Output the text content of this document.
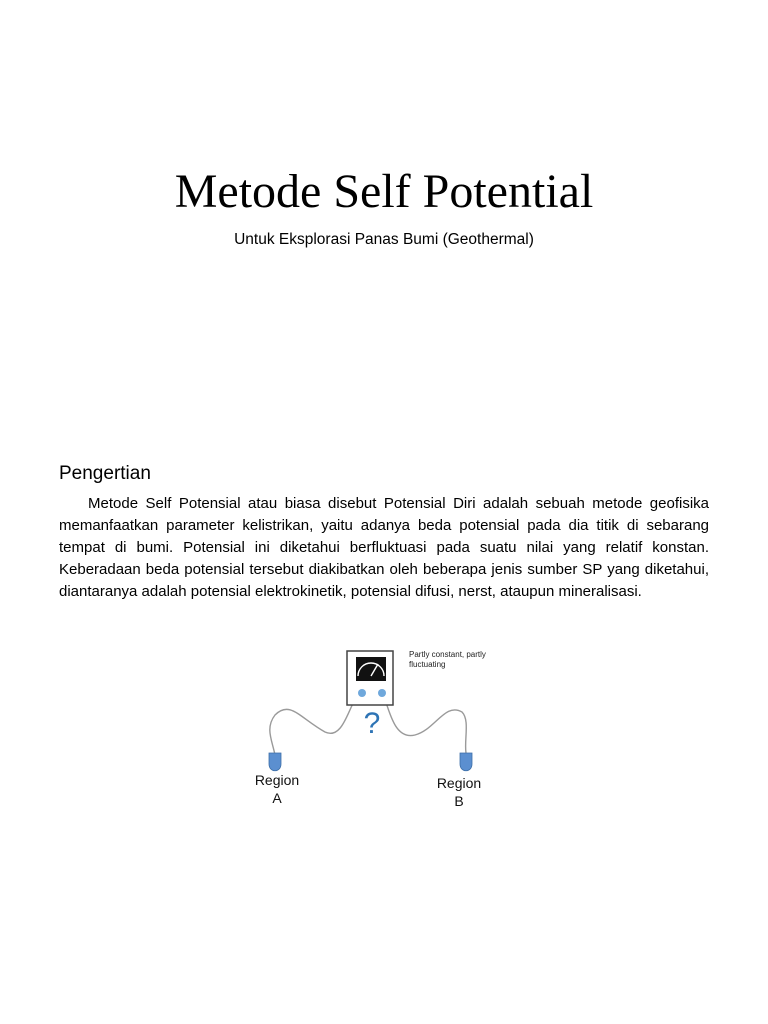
Metode Self Potential
Untuk Eksplorasi Panas Bumi (Geothermal)
Pengertian

Metode Self Potensial atau biasa disebut Potensial Diri adalah sebuah metode geofisika memanfaatkan parameter kelistrikan, yaitu adanya beda potensial pada dia titik di sebarang tempat di bumi. Potensial ini diketahui berfluktuasi pada suatu nilai yang relatif konstan. Keberadaan beda potensial tersebut diakibatkan oleh beberapa jenis sumber SP yang diketahui, diantaranya adalah potensial elektrokinetik, potensial difusi, nerst, ataupun mineralisasi.

Partly constant, partly fluctuating
?
Region
A
Region
B
